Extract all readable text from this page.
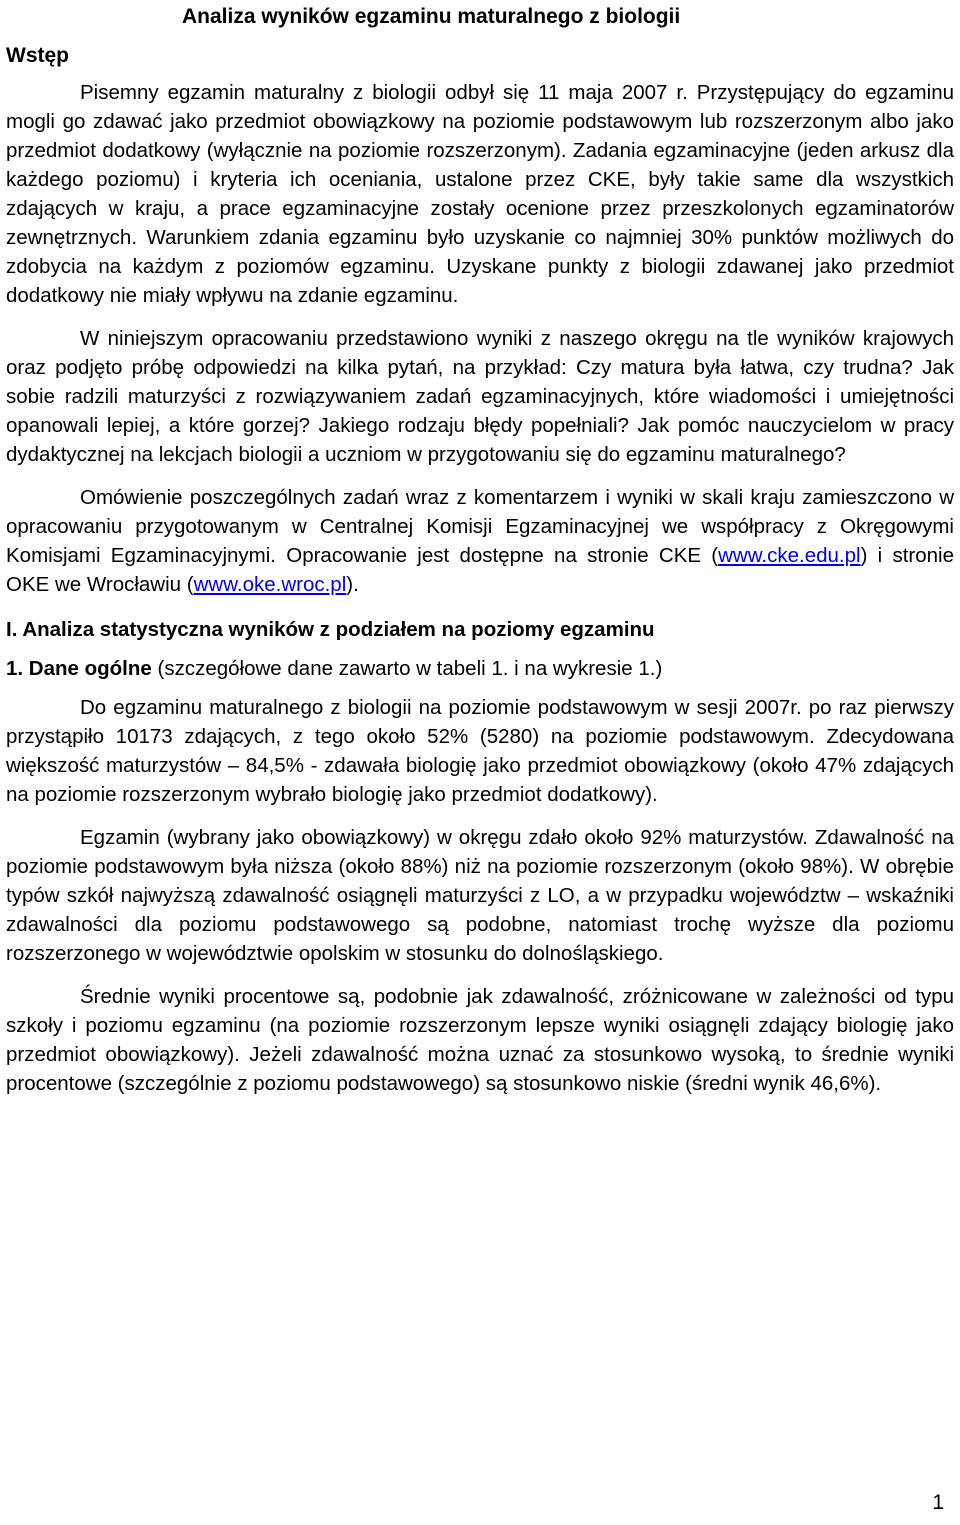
Analiza wyników egzaminu maturalnego z biologii
Wstęp

Pisemny egzamin maturalny z biologii odbył się 11 maja 2007 r. Przystępujący do egzaminu mogli go zdawać jako przedmiot obowiązkowy na poziomie podstawowym lub rozszerzonym albo jako przedmiot dodatkowy (wyłącznie na poziomie rozszerzonym). Zadania egzaminacyjne (jeden arkusz dla każdego poziomu) i kryteria ich oceniania, ustalone przez CKE, były takie same dla wszystkich zdających w kraju, a prace egzaminacyjne zostały ocenione przez przeszkolonych egzaminatorów zewnętrznych. Warunkiem zdania egzaminu było uzyskanie co najmniej 30% punktów możliwych do zdobycia na każdym z poziomów egzaminu. Uzyskane punkty z biologii zdawanej jako przedmiot dodatkowy nie miały wpływu na zdanie egzaminu.

W niniejszym opracowaniu przedstawiono wyniki z naszego okręgu na tle wyników krajowych oraz podjęto próbę odpowiedzi na kilka pytań, na przykład: Czy matura była łatwa, czy trudna? Jak sobie radzili maturzyści z rozwiązywaniem zadań egzaminacyjnych, które wiadomości i umiejętności opanowali lepiej, a które gorzej? Jakiego rodzaju błędy popełniali? Jak pomóc nauczycielom w pracy dydaktycznej na lekcjach biologii a uczniom w przygotowaniu się do egzaminu maturalnego?

Omówienie poszczególnych zadań wraz z komentarzem i wyniki w skali kraju zamieszczono w opracowaniu przygotowanym w Centralnej Komisji Egzaminacyjnej we współpracy z Okręgowymi Komisjami Egzaminacyjnymi. Opracowanie jest dostępne na stronie CKE (www.cke.edu.pl) i stronie OKE we Wrocławiu (www.oke.wroc.pl).

I. Analiza statystyczna wyników z podziałem na poziomy egzaminu

1. Dane ogólne (szczegółowe dane zawarto w tabeli 1. i na wykresie 1.)

Do egzaminu maturalnego z biologii na poziomie podstawowym w sesji 2007r. po raz pierwszy przystąpiło 10173 zdających, z tego około 52% (5280) na poziomie podstawowym. Zdecydowana większość maturzystów – 84,5% - zdawała biologię jako przedmiot obowiązkowy (około 47% zdających na poziomie rozszerzonym wybrało biologię jako przedmiot dodatkowy).

Egzamin (wybrany jako obowiązkowy) w okręgu zdało około 92% maturzystów. Zdawalność na poziomie podstawowym była niższa (około 88%) niż na poziomie rozszerzonym (około 98%). W obrębie typów szkół najwyższą zdawalność osiągnęli maturzyści z LO, a w przypadku województw – wskaźniki zdawalności dla poziomu podstawowego są podobne, natomiast trochę wyższe dla poziomu rozszerzonego w województwie opolskim w stosunku do dolnośląskiego.

Średnie wyniki procentowe są, podobnie jak zdawalność, zróżnicowane w zależności od typu szkoły i poziomu egzaminu (na poziomie rozszerzonym lepsze wyniki osiągnęli zdający biologię jako przedmiot obowiązkowy). Jeżeli zdawalność można uznać za stosunkowo wysoką, to średnie wyniki procentowe (szczególnie z poziomu podstawowego) są stosunkowo niskie (średni wynik 46,6%).

1
